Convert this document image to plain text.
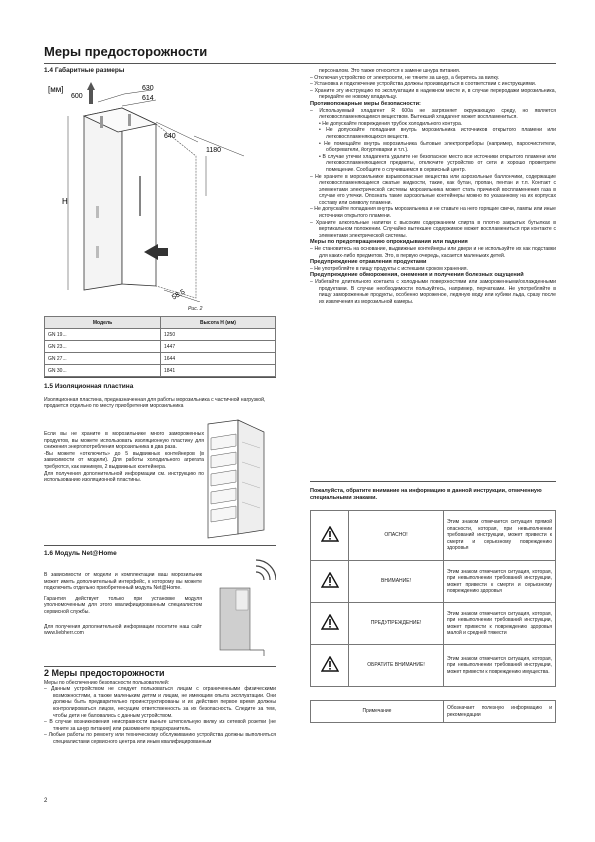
Меры предосторожности
1.4 Габаритные размеры
[мм]
600
630
614
640
1180
H
58,5
Рис. 2
Модель	Высота H (мм)
GN 19...	1250
GN 23...	1447
GN 27...	1644
GN 30...	1841
1.5 Изоляционная пластина

Изоляционная пластина, предназначенная для работы морозильника с частичной нагрузкой, продается отдельно по месту приобретения морозильника

Если вы не храните в морозильнике много замороженных продуктов, вы можете использовать изоляционную пластину для снижения энергопотребления морозильника в два раза.

-Вы можете «отключить» до 5 выдвижных контейнеров (в зависимости от модели). Для работы холодильного агрегата требуются, как минимум, 2 выдвижных контейнера.

Для получения дополнительной информации см. инструкцию по использованию изоляционной пластины.

1.6 Модуль Net@Home

В зависимости от модели и комплектации ваш морозильник может иметь дополнительный интерфейс, к которому вы можете подключить отдельно приобретенный модуль Net@Home.

Гарантия действует только при установке модуля уполномоченным для этого квалифицированным специалистом сервисной службы.

Для получения дополнительной информации посетите наш сайт www.liebherr.com

2 Меры предосторожности

Меры по обеспечению безопасности пользователей:

– Данным устройством не следует пользоваться лицам с ограниченными физическими возможностями, а также маленьким детям и лицам, не имеющим опыта эксплуатации. Они должны быть предварительно проинструктированы и их действия первое время должны контролироваться лицом, несущим ответственность за их безопасность. Следите за тем, чтобы дети не баловались с данным устройством.

– В случае возникновения неисправности выньте штепсельную вилку из сетевой розетки (не тяните за шнур питания) или разомкните предохранитель.

– Любые работы по ремонту или техническому обслуживанию устройства должны выполняться специалистами сервисного центра или иным квалифицированным

2

персоналом. Это также относится к замене шнура питания.

– Отключая устройство от электросети, не тяните за шнур, а беритесь за вилку.

– Установка и подключение устройства должны производиться в соответствии с инструкциями.

– Храните эту инструкцию по эксплуатации в надежном месте и, в случае переродажи морозильника, передайте ее новому владельцу.

Противопожарные меры безопасности:

– Используемый хладагент R 600a не загрязняет окружающую среду, но является легковоспламеняющимся веществом. Вытекший хладагент может воспламениться.

• Не допускайте повреждения трубок холодильного контура.

• Не допускайте попадания внутрь морозильника источников открытого пламени или легковоспламеняющихся веществ.

• Не помещайте внутрь морозильника бытовые электроприборы (например, пароочистители, обогреватели, йогуртеварки и т.п.).

• В случае утечки хладагента удалите не безопасное место все источники открытого пламени или легковоспламеняющиеся предметы, отключите устройство от сети и хорошо проветрите помещение. Сообщите о случившемся в сервисный центр.

– Не храните в морозильнике взрывоопасные вещества или аэрозольные баллончики, содержащие легковоспламеняющиеся сжатые жидкости, такие, как бутан, пропан, пентан и т.п. Контакт с элементами электрической системы морозильника может стать причиной воспламенения газа в случае его утечки. Опознать такие аэрозольные контейнеры можно по указанному на их корпусах составу или символу пламени.

– Не допускайте попадания внутрь морозильника и не ставьте на него горящие свечи, лампы или иные источники открытого пламени.

– Храните алкогольные напитки с высоким содержанием спирта в плотно закрытых бутылках в вертикальном положении. Случайно вытекшее содержимое может воспламениться при контакте с элементами электрической системы.

Меры по предотвращению опрокидывания или падения

– Не становитесь на основание, выдвижные контейнеры или двери и не используйте их как подставки для каких-либо предметов. Это, в первую очередь, касается маленьких детей.

Предупреждение отравления продуктами

– Не употребляйте в пищу продукты с истекшим сроком хранения.

Предупреждение обморожения, онемения и получения болезных ощущений

– Избегайте длительного контакта с холодными поверхностями или замороженными/охлажденными продуктами. В случае необходимости пользуйтесь, например, перчатками. Не употребляйте в пищу замороженные продукты, особенно мороженое, ледяную воду или кубики льда, сразу после их извлечения из морозильной камеры.

Пожалуйста, обратите внимание на информацию в данной инструкции, отмеченную специальными знаками.
	ОПАСНО!	Этим знаком отмечается ситуация прямой опасности, которая, при невыполнении требований инструкции, может привести к смерти и серьезному повреждению здоровья
	ВНИМАНИЕ!	Этим знаком отмечается ситуация, которая, при невыполнении требований инструкции, может привести к смерти и серьезному повреждению здоровья
	ПРЕДУПРЕЖДЕНИЕ!	Этим знаком отмечается ситуация, которая, при невыполнении требований инструкции, может привести к повреждению здоровья малой и средней тяжести
	ОБРАТИТЕ ВНИМАНИЕ!	Этим знаком отмечается ситуация, которая, при невыполнении требований инструкции, может привести к повреждению имущества.
Примечание	Обозначает полезную информацию и рекомендации
